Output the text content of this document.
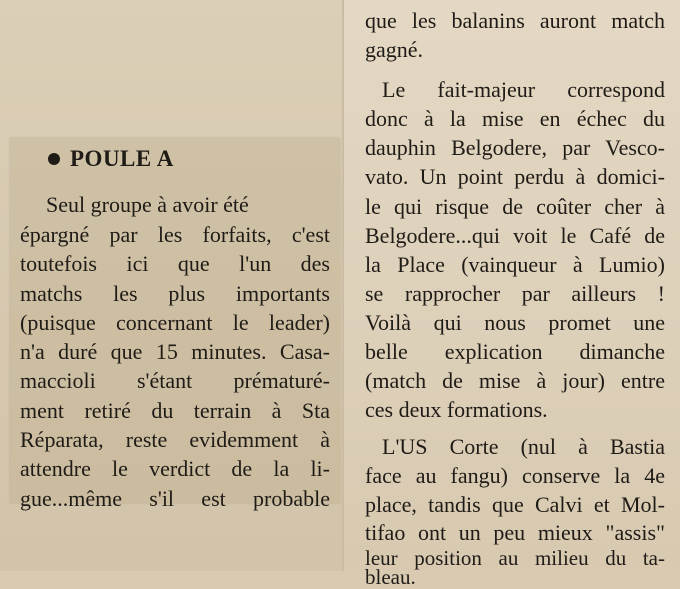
POULE A
Seul groupe à avoir été
épargné par les forfaits, c'est
toutefois ici que l'un des
matchs les plus importants
(puisque concernant le leader)
n'a duré que 15 minutes. Casa-
maccioli s'étant prématuré-
ment retiré du terrain à Sta
Réparata, reste evidemment à
attendre le verdict de la li-
gue...même s'il est probable
que les balanins auront match
gagné.
Le fait-majeur correspond
donc à la mise en échec du
dauphin Belgodere, par Vesco-
vato. Un point perdu à domici-
le qui risque de coûter cher à
Belgodere...qui voit le Café de
la Place (vainqueur à Lumio)
se rapprocher par ailleurs !
Voilà qui nous promet une
belle explication dimanche
(match de mise à jour) entre
ces deux formations.
L'US Corte (nul à Bastia
face au fangu) conserve la 4e
place, tandis que Calvi et Mol-
tifao ont un peu mieux "assis"
leur position au milieu du ta-
bleau.
